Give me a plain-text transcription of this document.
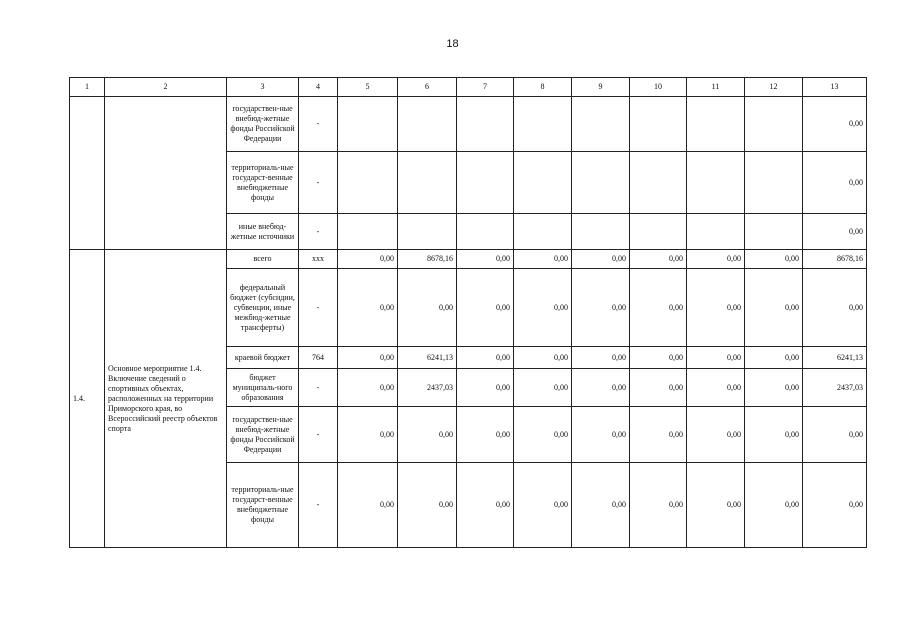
18
1	2	3	4	5	6	7	8	9	10	11	12	13
		государствен-ные внебюд-жетные фонды Российской Федерации	-									0,00
		территориаль-ные государст-венные внебюджетные фонды	-									0,00
		иные внебюд-жетные источники	-									0,00
1.4.	Основное мероприятие 1.4. Включение сведений о спортивных объектах, расположенных на территории Приморского края, во Всероссийский реестр объектов спорта	всего	xxx	0,00	8678,16	0,00	0,00	0,00	0,00	0,00	0,00	8678,16
		федеральный бюджет (субсидии, субвенции, иные межбюд-жетные трансферты)	-	0,00	0,00	0,00	0,00	0,00	0,00	0,00	0,00	0,00
		краевой бюджет	764	0,00	6241,13	0,00	0,00	0,00	0,00	0,00	0,00	6241,13
		бюджет муниципаль-ного образования	-	0,00	2437,03	0,00	0,00	0,00	0,00	0,00	0,00	2437,03
		государствен-ные внебюд-жетные фонды Российской Федерации	-	0,00	0,00	0,00	0,00	0,00	0,00	0,00	0,00	0,00
		территориаль-ные государст-венные внебюджетные фонды	-	0,00	0,00	0,00	0,00	0,00	0,00	0,00	0,00	0,00
